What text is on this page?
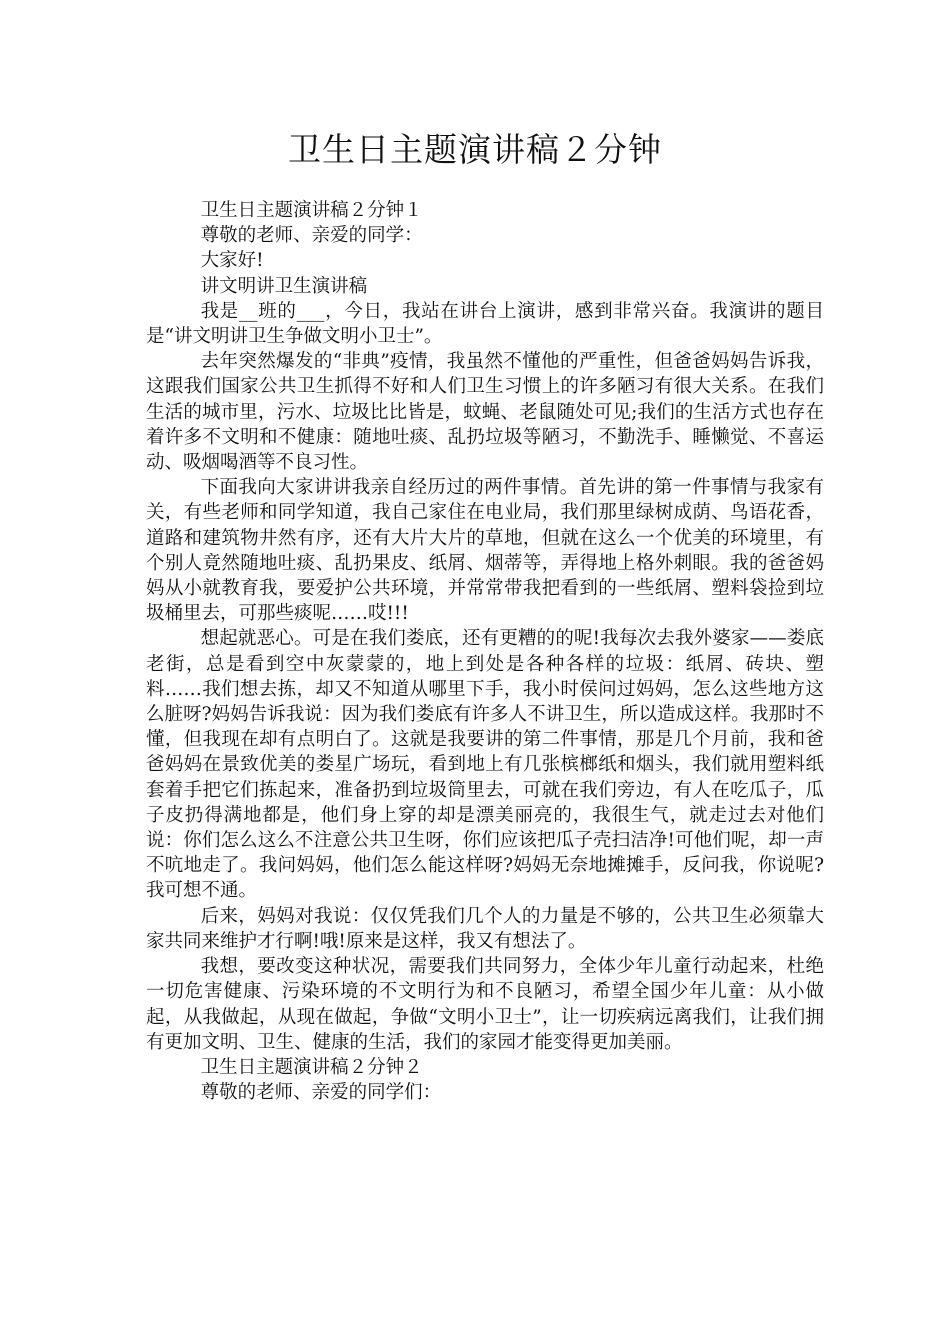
卫生日主题演讲稿２分钟

卫生日主题演讲稿２分钟１

尊敬的老师、亲爱的同学：

大家好!

讲文明讲卫生演讲稿

我是__班的___，今日，我站在讲台上演讲，感到非常兴奋。我演讲的题目是“讲文明讲卫生争做文明小卫士”。

去年突然爆发的“非典”疫情，我虽然不懂他的严重性，但爸爸妈妈告诉我，这跟我们国家公共卫生抓得不好和人们卫生习惯上的许多陋习有很大关系。在我们生活的城市里，污水、垃圾比比皆是，蚊蝇、老鼠随处可见;我们的生活方式也存在着许多不文明和不健康：随地吐痰、乱扔垃圾等陋习，不勤洗手、睡懒觉、不喜运动、吸烟喝酒等不良习性。

下面我向大家讲讲我亲自经历过的两件事情。首先讲的第一件事情与我家有关，有些老师和同学知道，我自己家住在电业局，我们那里绿树成荫、鸟语花香，道路和建筑物井然有序，还有大片大片的草地，但就在这么一个优美的环境里，有个别人竟然随地吐痰、乱扔果皮、纸屑、烟蒂等，弄得地上格外刺眼。我的爸爸妈妈从小就教育我，要爱护公共环境，并常常带我把看到的一些纸屑、塑料袋捡到垃圾桶里去，可那些痰呢……哎!!!

想起就恶心。可是在我们娄底，还有更糟的的呢!我每次去我外婆家——娄底老街，总是看到空中灰蒙蒙的，地上到处是各种各样的垃圾：纸屑、砖块、塑料……我们想去拣，却又不知道从哪里下手，我小时侯问过妈妈，怎么这些地方这么脏呀?妈妈告诉我说：因为我们娄底有许多人不讲卫生，所以造成这样。我那时不懂，但我现在却有点明白了。这就是我要讲的第二件事情，那是几个月前，我和爸爸妈妈在景致优美的娄星广场玩，看到地上有几张槟榔纸和烟头，我们就用塑料纸套着手把它们拣起来，准备扔到垃圾筒里去，可就在我们旁边，有人在吃瓜子，瓜子皮扔得满地都是，他们身上穿的却是漂美丽亮的，我很生气，就走过去对他们说：你们怎么这么不注意公共卫生呀，你们应该把瓜子壳扫洁净!可他们呢，却一声不吭地走了。我问妈妈，他们怎么能这样呀?妈妈无奈地摊摊手，反问我，你说呢?我可想不通。

后来，妈妈对我说：仅仅凭我们几个人的力量是不够的，公共卫生必须靠大家共同来维护才行啊!哦!原来是这样，我又有想法了。

我想，要改变这种状况，需要我们共同努力，全体少年儿童行动起来，杜绝一切危害健康、污染环境的不文明行为和不良陋习，希望全国少年儿童：从小做起，从我做起，从现在做起，争做“文明小卫士”，让一切疾病远离我们，让我们拥有更加文明、卫生、健康的生活，我们的家园才能变得更加美丽。

卫生日主题演讲稿２分钟２

尊敬的老师、亲爱的同学们：
